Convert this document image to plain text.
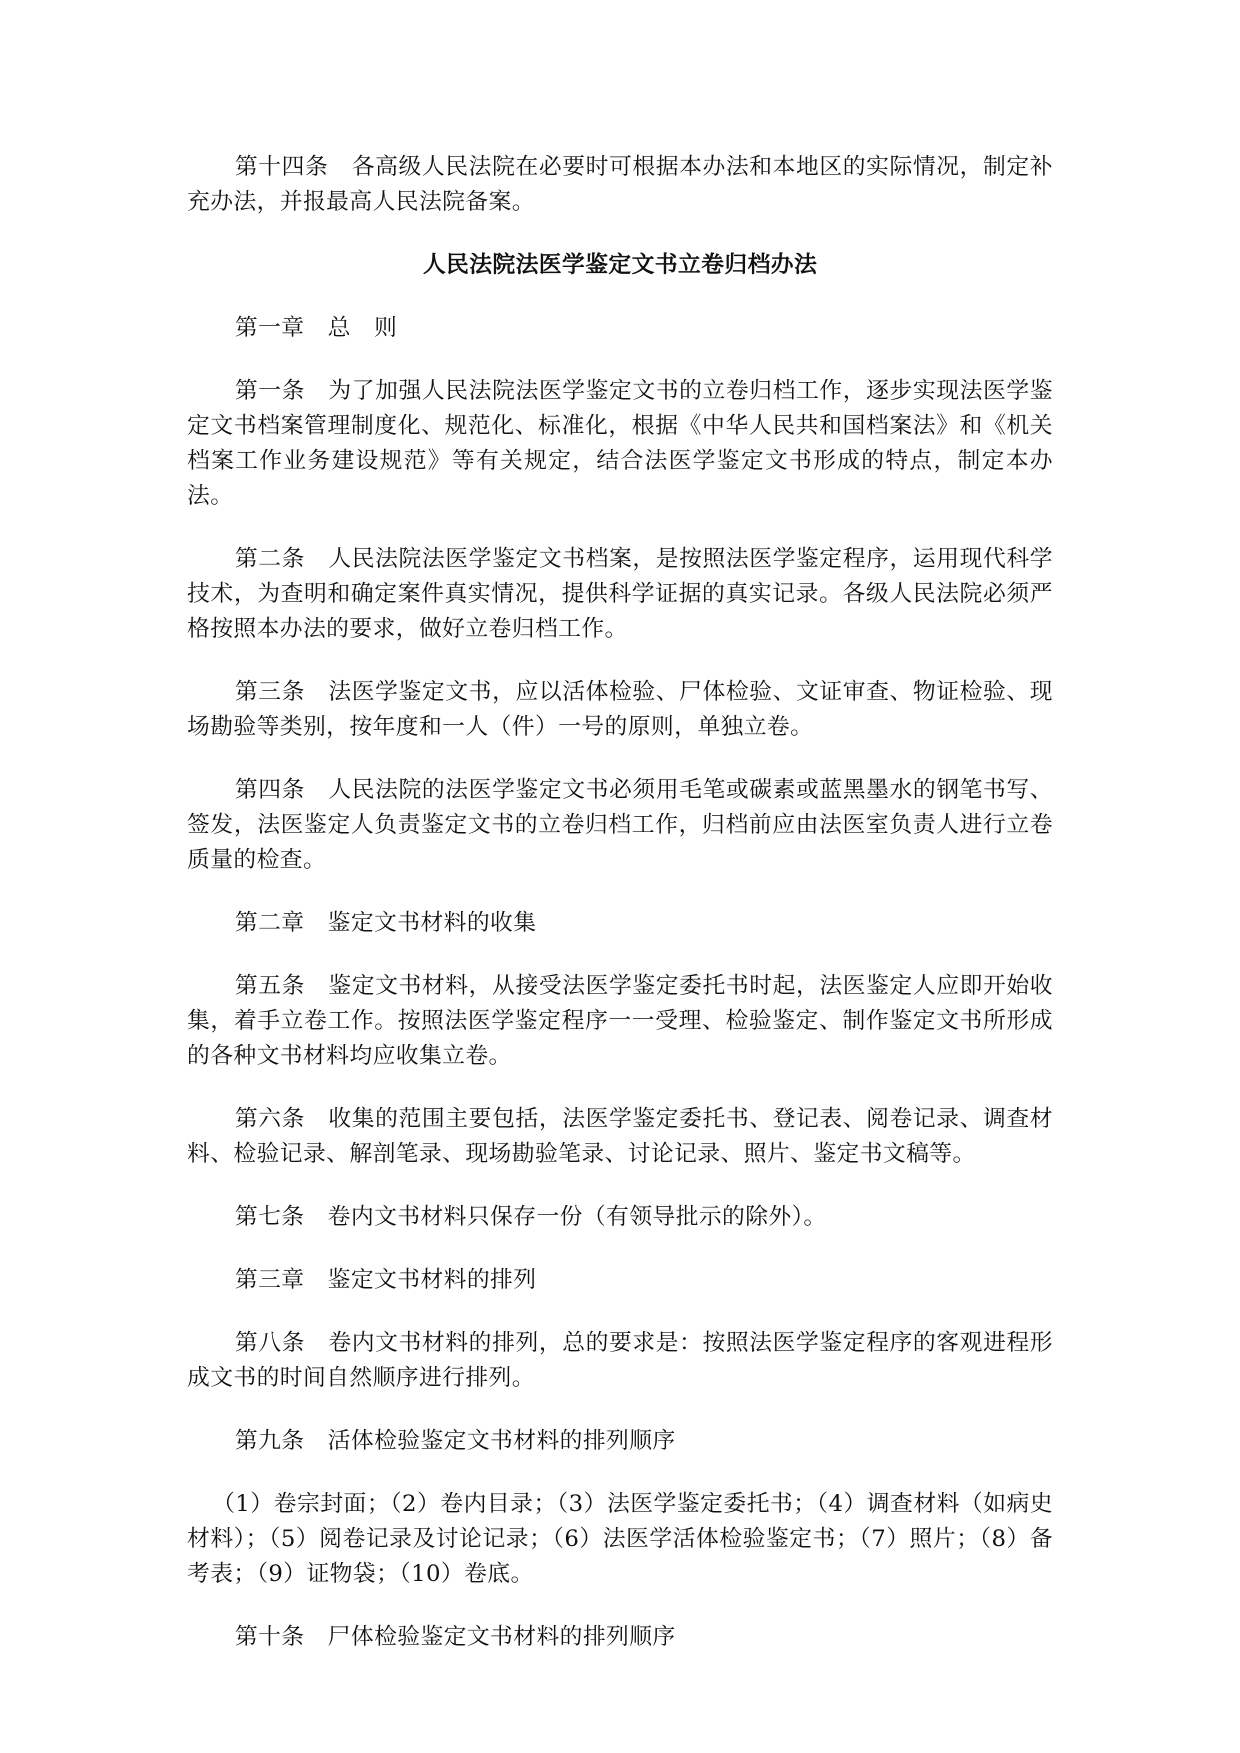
第十四条　各高级人民法院在必要时可根据本办法和本地区的实际情况，制定补充办法，并报最高人民法院备案。

人民法院法医学鉴定文书立卷归档办法

第一章　总　则

第一条　为了加强人民法院法医学鉴定文书的立卷归档工作，逐步实现法医学鉴定文书档案管理制度化、规范化、标准化，根据《中华人民共和国档案法》和《机关档案工作业务建设规范》等有关规定，结合法医学鉴定文书形成的特点，制定本办法。

第二条　人民法院法医学鉴定文书档案，是按照法医学鉴定程序，运用现代科学技术，为查明和确定案件真实情况，提供科学证据的真实记录。各级人民法院必须严格按照本办法的要求，做好立卷归档工作。

第三条　法医学鉴定文书，应以活体检验、尸体检验、文证审查、物证检验、现场勘验等类别，按年度和一人（件）一号的原则，单独立卷。

第四条　人民法院的法医学鉴定文书必须用毛笔或碳素或蓝黑墨水的钢笔书写、签发，法医鉴定人负责鉴定文书的立卷归档工作，归档前应由法医室负责人进行立卷质量的检查。

第二章　鉴定文书材料的收集

第五条　鉴定文书材料，从接受法医学鉴定委托书时起，法医鉴定人应即开始收集，着手立卷工作。按照法医学鉴定程序一一受理、检验鉴定、制作鉴定文书所形成的各种文书材料均应收集立卷。

第六条　收集的范围主要包括，法医学鉴定委托书、登记表、阅卷记录、调查材料、检验记录、解剖笔录、现场勘验笔录、讨论记录、照片、鉴定书文稿等。

第七条　卷内文书材料只保存一份（有领导批示的除外）。

第三章　鉴定文书材料的排列

第八条　卷内文书材料的排列，总的要求是：按照法医学鉴定程序的客观进程形成文书的时间自然顺序进行排列。

第九条　活体检验鉴定文书材料的排列顺序

（1）卷宗封面；（2）卷内目录；（3）法医学鉴定委托书；（4）调查材料（如病史材料）；（5）阅卷记录及讨论记录；（6）法医学活体检验鉴定书；（7）照片；（8）备考表；（9）证物袋；（10）卷底。

第十条　尸体检验鉴定文书材料的排列顺序
